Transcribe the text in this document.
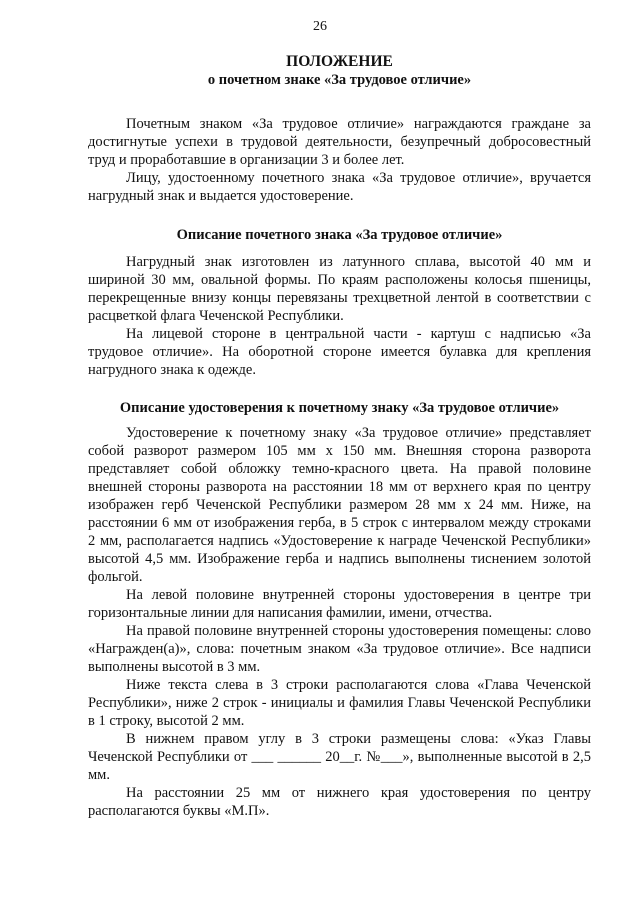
26

ПОЛОЖЕНИЕ

о почетном знаке «За трудовое отличие»

Почетным знаком «За трудовое отличие» награждаются граждане за достигнутые успехи в трудовой деятельности, безупречный добросовестный труд и проработавшие в организации 3 и более лет.

Лицу, удостоенному почетного знака «За трудовое отличие», вручается нагрудный знак и выдается удостоверение.

Описание почетного знака «За трудовое отличие»

Нагрудный знак изготовлен из латунного сплава, высотой 40 мм и шириной 30 мм, овальной формы. По краям расположены колосья пшеницы, перекрещенные внизу концы перевязаны трехцветной лентой в соответствии с расцветкой флага Чеченской Республики.

На лицевой стороне в центральной части - картуш с надписью «За трудовое отличие». На оборотной стороне имеется булавка для крепления нагрудного знака к одежде.

Описание удостоверения к почетному знаку «За трудовое отличие»

Удостоверение к почетному знаку «За трудовое отличие» представляет собой разворот размером 105 мм х 150 мм. Внешняя сторона разворота представляет собой обложку темно-красного цвета. На правой половине внешней стороны разворота на расстоянии 18 мм от верхнего края по центру изображен герб Чеченской Республики размером 28 мм х 24 мм. Ниже, на расстоянии 6 мм от изображения герба, в 5 строк с интервалом между строками 2 мм, располагается надпись «Удостоверение к награде Чеченской Республики» высотой 4,5 мм. Изображение герба и надпись выполнены тиснением золотой фольгой.

На левой половине внутренней стороны удостоверения в центре три горизонтальные линии для написания фамилии, имени, отчества.

На правой половине внутренней стороны удостоверения помещены: слово «Награжден(а)», слова: почетным знаком «За трудовое отличие». Все надписи выполнены высотой в 3 мм.

Ниже текста слева в 3 строки располагаются слова «Глава Чеченской Республики», ниже 2 строк - инициалы и фамилия Главы Чеченской Республики в 1 строку, высотой 2 мм.

В нижнем правом углу в 3 строки размещены слова: «Указ Главы Чеченской Республики от ___ ______ 20__г. №___», выполненные высотой в 2,5 мм.

На расстоянии 25 мм от нижнего края удостоверения по центру располагаются буквы «М.П».
